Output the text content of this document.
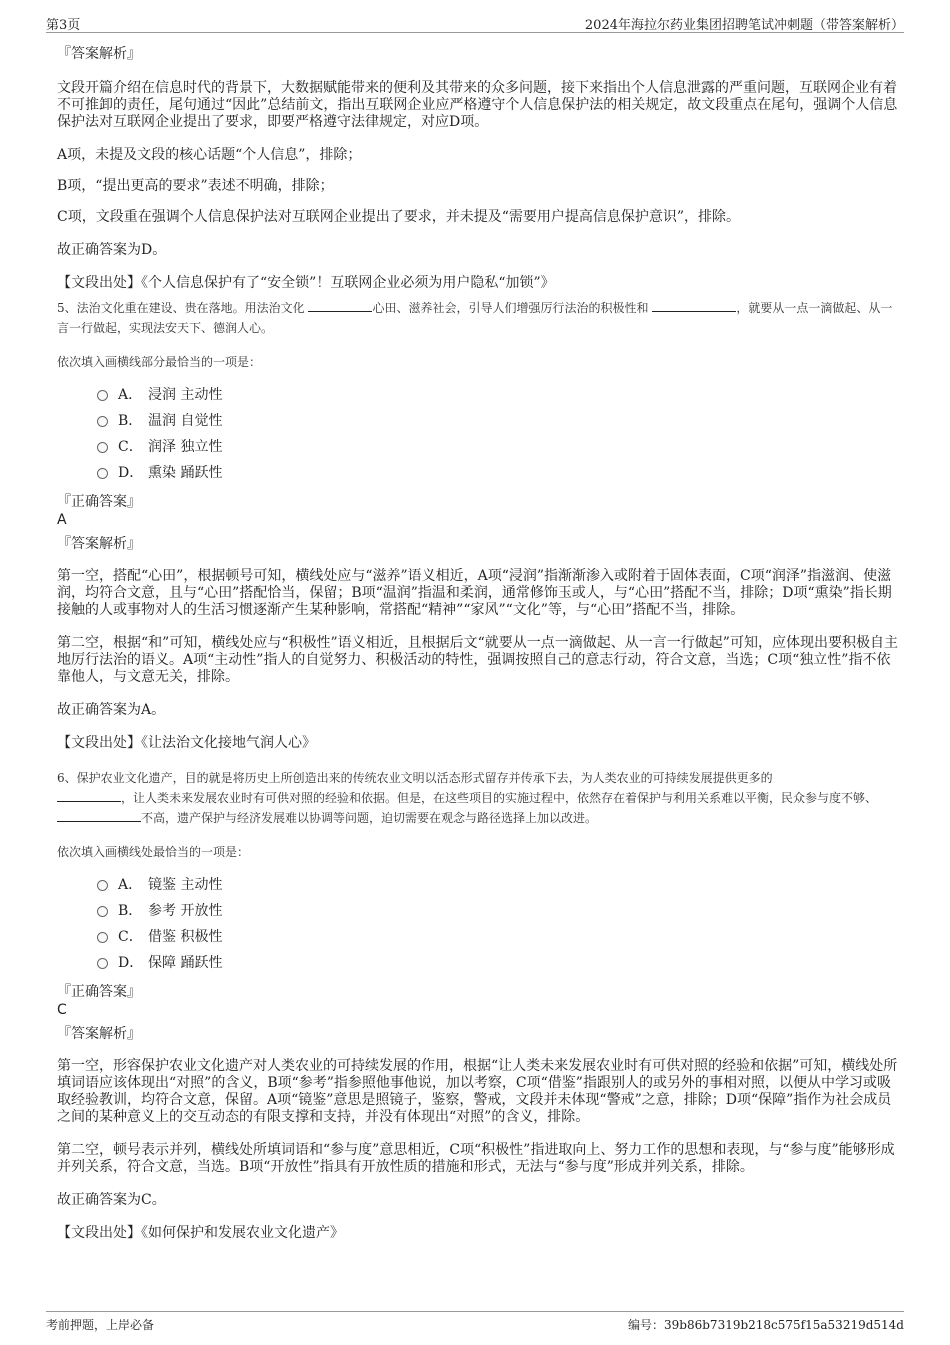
第3页	2024年海拉尔药业集团招聘笔试冲刺题（带答案解析）

『答案解析』

文段开篇介绍在信息时代的背景下，大数据赋能带来的便利及其带来的众多问题，接下来指出个人信息泄露的严重问题，互联网企业有着不可推卸的责任，尾句通过“因此”总结前文，指出互联网企业应严格遵守个人信息保护法的相关规定，故文段重点在尾句，强调个人信息保护法对互联网企业提出了要求，即要严格遵守法律规定，对应D项。

A项，未提及文段的核心话题“个人信息”，排除；

B项，“提出更高的要求”表述不明确，排除；

C项，文段重在强调个人信息保护法对互联网企业提出了要求，并未提及“需要用户提高信息保护意识”，排除。

故正确答案为D。

【文段出处】《个人信息保护有了“安全锁”！互联网企业必须为用户隐私“加锁”》

5、法治文化重在建设、贵在落地。用法治文化	心田、滋养社会，引导人们增强厉行法治的积极性和	，就要从一点一滴做起、从一言一行做起，实现法安天下、德润人心。

依次填入画横线部分最恰当的一项是：

A． 浸润 主动性
B． 温润 自觉性
C． 润泽 独立性
D． 熏染 踊跃性

『正确答案』

A

『答案解析』

第一空，搭配“心田”，根据顿号可知，横线处应与“滋养”语义相近，A项“浸润”指渐渐渗入或附着于固体表面，C项“润泽”指滋润、使滋润，均符合文意，且与“心田”搭配恰当，保留；B项“温润”指温和柔润，通常修饰玉或人，与“心田”搭配不当，排除；D项“熏染”指长期接触的人或事物对人的生活习惯逐渐产生某种影响，常搭配“精神”“家风”“文化”等，与“心田”搭配不当，排除。

第二空，根据“和”可知，横线处应与“积极性”语义相近，且根据后文“就要从一点一滴做起、从一言一行做起”可知，应体现出要积极自主地厉行法治的语义。A项“主动性”指人的自觉努力、积极活动的特性，强调按照自己的意志行动，符合文意，当选；C项“独立性”指不依靠他人，与文意无关，排除。

故正确答案为A。

【文段出处】《让法治文化接地气润人心》

6、保护农业文化遗产，目的就是将历史上所创造出来的传统农业文明以活态形式留存并传承下去，为人类农业的可持续发展提供更多的
，让人类未来发展农业时有可供对照的经验和依据。但是，在这些项目的实施过程中，依然存在着保护与利用关系难以平衡，民众参与度不够、 不高，遗产保护与经济发展难以协调等问题，迫切需要在观念与路径选择上加以改进。

依次填入画横线处最恰当的一项是：

A． 镜鉴 主动性
B． 参考 开放性
C． 借鉴 积极性
D． 保障 踊跃性

『正确答案』

C

『答案解析』

第一空，形容保护农业文化遗产对人类农业的可持续发展的作用，根据“让人类未来发展农业时有可供对照的经验和依据”可知，横线处所填词语应该体现出“对照”的含义，B项“参考”指参照他事他说，加以考察，C项“借鉴”指跟别人的或另外的事相对照，以便从中学习或吸取经验教训，均符合文意，保留。A项“镜鉴”意思是照镜子，鉴察，警戒，文段并未体现“警戒”之意，排除；D项“保障”指作为社会成员之间的某种意义上的交互动态的有限支撑和支持，并没有体现出“对照”的含义，排除。

第二空，顿号表示并列，横线处所填词语和“参与度”意思相近，C项“积极性”指进取向上、努力工作的思想和表现，与“参与度”能够形成并列关系，符合文意，当选。B项“开放性”指具有开放性质的措施和形式，无法与“参与度”形成并列关系，排除。

故正确答案为C。

【文段出处】《如何保护和发展农业文化遗产》

考前押题，上岸必备	编号：39b86b7319b218c575f15a53219d514d
